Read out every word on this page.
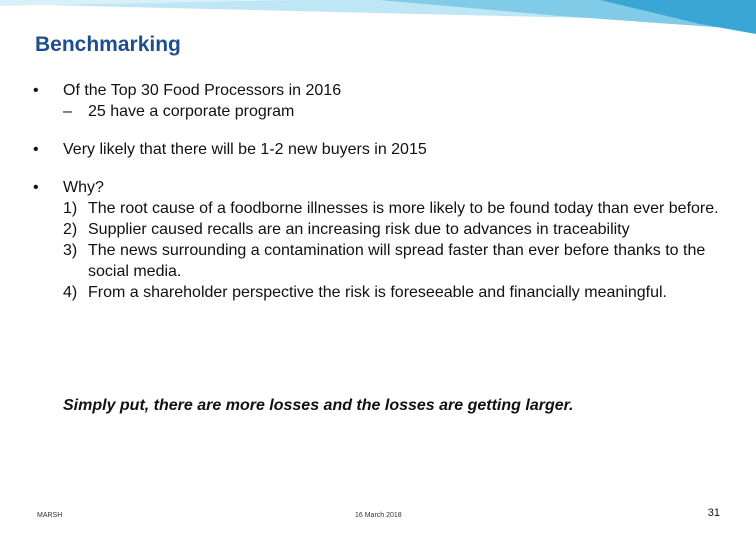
Benchmarking
• Of the Top 30 Food Processors in 2016
– 25 have a corporate program
• Very likely that there will be 1-2 new buyers in 2015
• Why?
1) The root cause of a foodborne illnesses is more likely to be found today than ever before.
2) Supplier caused recalls are an increasing risk due to advances in traceability
3) The news surrounding a contamination will spread faster than ever before thanks to the social media.
4) From a shareholder perspective the risk is foreseeable and financially meaningful.
Simply put, there are more losses and the losses are getting larger.
MARSH	16 March 2018	31
